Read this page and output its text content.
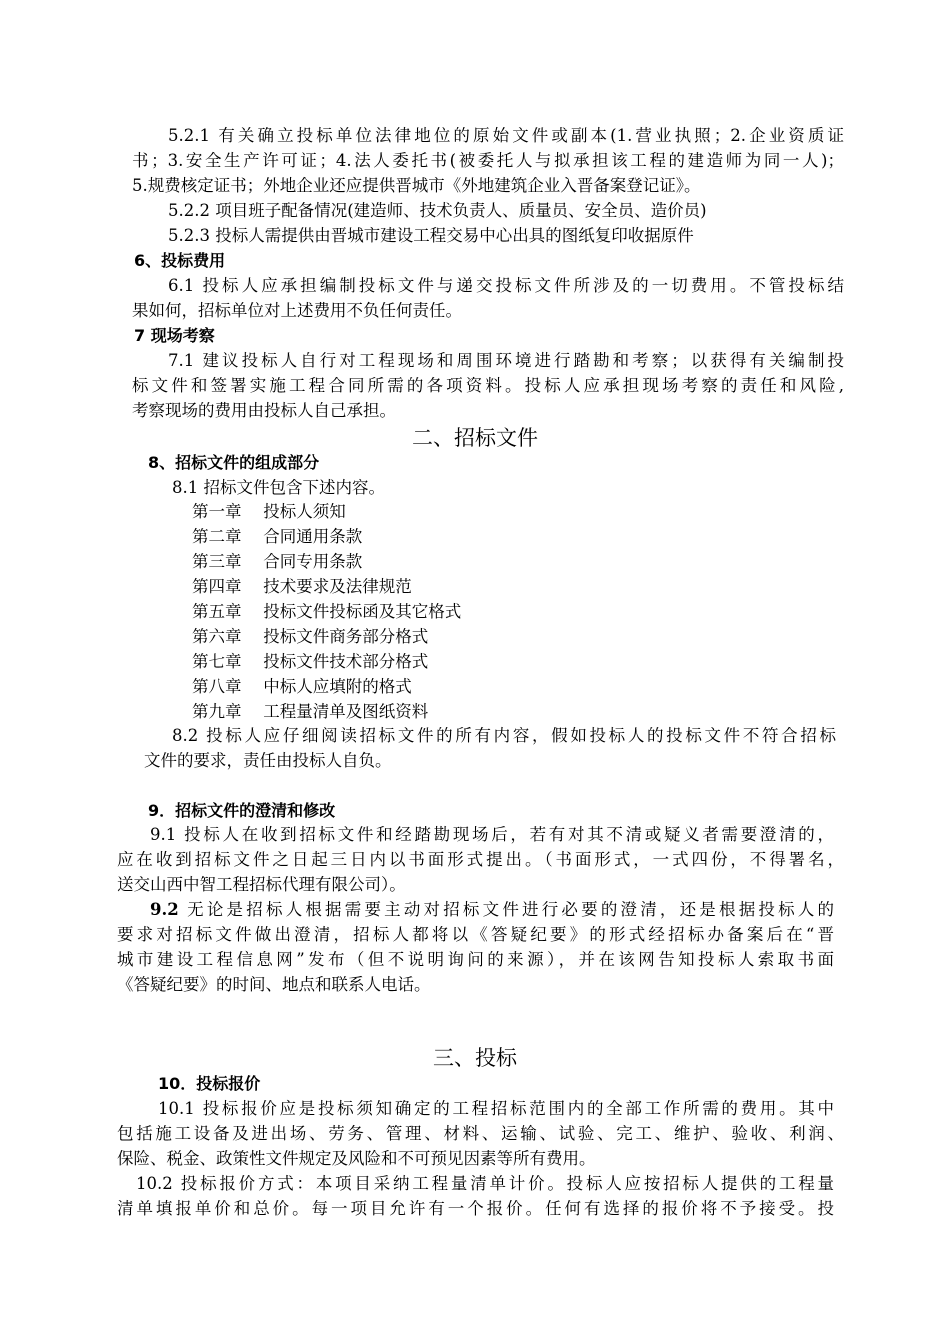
5.2.1 有关确立投标单位法律地位的原始文件或副本(1.营业执照；2.企业资质证
书；3.安全生产许可证；4.法人委托书(被委托人与拟承担该工程的建造师为同一人)；
5.规费核定证书；外地企业还应提供晋城市《外地建筑企业入晋备案登记证》。
5.2.2 项目班子配备情况(建造师、技术负责人、质量员、安全员、造价员)
5.2.3 投标人需提供由晋城市建设工程交易中心出具的图纸复印收据原件
6、投标费用
6.1 投标人应承担编制投标文件与递交投标文件所涉及的一切费用。不管投标结
果如何，招标单位对上述费用不负任何责任。
7 现场考察
7.1 建议投标人自行对工程现场和周围环境进行踏勘和考察；以获得有关编制投
标文件和签署实施工程合同所需的各项资料。投标人应承担现场考察的责任和风险,
考察现场的费用由投标人自己承担。
二、招标文件
8、招标文件的组成部分
8.1 招标文件包含下述内容。
第一章　 投标人须知
第二章　 合同通用条款
第三章　 合同专用条款
第四章　 技术要求及法律规范
第五章　 投标文件投标函及其它格式
第六章　 投标文件商务部分格式
第七章　 投标文件技术部分格式
第八章　 中标人应填附的格式
第九章　 工程量清单及图纸资料
8.2 投标人应仔细阅读招标文件的所有内容，假如投标人的投标文件不符合招标
文件的要求，责任由投标人自负。
9．招标文件的澄清和修改
9.1 投标人在收到招标文件和经踏勘现场后，若有对其不清或疑义者需要澄清的，
应在收到招标文件之日起三日内以书面形式提出。（书面形式，一式四份，不得署名，
送交山西中智工程招标代理有限公司）。
9.2 无论是招标人根据需要主动对招标文件进行必要的澄清，还是根据投标人的
要求对招标文件做出澄清，招标人都将以《答疑纪要》的形式经招标办备案后在“晋
城市建设工程信息网”发布（但不说明询问的来源），并在该网告知投标人索取书面
《答疑纪要》的时间、地点和联系人电话。
三、投标
10．投标报价
10.1 投标报价应是投标须知确定的工程招标范围内的全部工作所需的费用。其中
包括施工设备及进出场、劳务、管理、材料、运输、试验、完工、维护、验收、利润、
保险、税金、政策性文件规定及风险和不可预见因素等所有费用。
10.2 投标报价方式：本项目采纳工程量清单计价。投标人应按招标人提供的工程量
清单填报单价和总价。每一项目允许有一个报价。任何有选择的报价将不予接受。投
